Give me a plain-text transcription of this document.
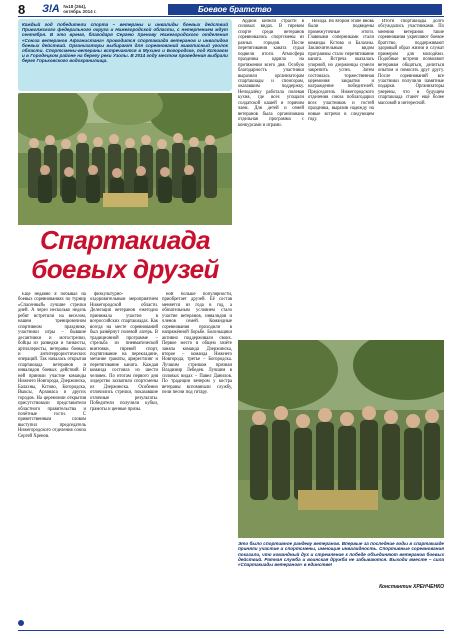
8	З!А №18 (264),
октябрь 2014 г.	Боевое братство

Каждый год победители спорта – ветераны и инвалиды боевых действий Приволжского федерального округа и Нижегородской области, с нетерпением ждут сентября. В это время, благодаря Сергею Хренову Нижегородского отделения «Союза ветеранов Афганистана» проводится спортакиада ветеранов и инвалидов боевых действий. Организаторы выбирают для соревнований живописный уголок области. Спортсмены-ветераны встречаются в Мухино и Богородске, под Кстовом и в Городецком районе на берегу реки Узолы. В 2014 году местом проведения выбрали берег Горьковского водохранилища.

Спартакиада
боевых друзей

Ещё недавно я побывал на боевых соревнованиях по турнир «Спасенный» лучшие стрелки дней. А через несколько недель ребят встретили на веселом, нашем тренировочном спортивном празднике, участники игры – бывшие десантники и мотострелки, бойцы из разведки и танкисты, артиллеристы, ветераны боевых и антитеррористических операций. Так началась открытая спартакиада ветеранов и инвалидов боевых действий. В ней приняли участие команды Нижнего Новгорода, Дзержинска, Балахны, Кстово, Богородска, Выксы, Арзамаса и других городов. На церемонии открытия присутствовали представители областного правительства и почётные гости. С приветственным словом выступил председатель Нижегородского отделения союза Сергей Хренов.

физкультурно-оздоровительным мероприятием Нижегородской области. Делегация ветеранов ежегодно принимала участие в всероссийских спартакиадах. Как всегда на месте соревнований был развёрнут полевой лагерь. В традиционной программе – стрельба из пневматической винтовки, гиревой спорт, подтягивание на перекладине, метание гранаты, армрестлинг и перетягивание каната. Каждая команда состояла из шести человек. По итогам первого дня лидерство захватили спортсмены из Дзержинска. Особенно отличились стрелки, показавшие отличные результаты. Победители получили кубки, грамоты и ценные призы.

ной больше популярности, приобретает друзей. Её состав меняется из года в год, а обязательным условием стало участие ветеранов, инвалидов и членов семей. Командные соревнования проходили в напряжённой борьбе. Болельщики активно поддерживали своих. Первое место в общем зачёте заняла команда Дзержинска, второе – команда Нижнего Новгорода, третье – Богородска. Лучшим стрелком признан Владимир Лебедев. Лучшим в силовых видах – Павел Данилов. По традиции вечером у костра ветераны вспоминали службу, пели песни под гитару.

Ардюм кипели страсти в силовых видах. В гиревом спорте среди ветеранов соревновались спортсмены из разных городов. После перетягивания каната судьи подвели итоги. Атмосфера праздника царила на протяжении всего дня. Особую благодарность участники выразили организаторам спартакиады и спонсорам, оказавшим поддержку. Неподалёку работала полевая кухня, где всех угощали солдатской кашей и горячим чаем. Для детей и семей ветеранов была организована отдельная программа с конкурсами и играми.

Нехода. Во втором этапе вновь были подведены промежуточные итоги. Главными соперниками стали команды Кстова и Балахны. Заключительным видом программы стало перетягивание каната. Встреча оказалась упорной, но дзержинцы сумели закрепить успех. Затем состоялась торжественная церемония закрытия и награждение победителей. Председатель Нижегородского отделения союза поблагодарил всех участников и гостей праздника, выразив надежду на новые встречи в следующем году.

Итоги спортакиады долго обсуждались участниками. По мнению ветеранов такие соревнования укрепляют боевое братство, поддерживают здоровый образ жизни и служат примером для молодёжи. Подобные встречи позволяют ветеранам общаться, делиться опытом и помогать друг другу. После соревнований все участники получили памятные подарки. Организаторы уверены, что в будущем спартакиада станет ещё более массовой и интересной.

Это было спортивное рандеву ветеранов. Впервые за последние годы в спартакиаде приняли участие и спортсмены, имеющие инвалидность. Спортивные соревнования показали, что командный дух и стремление к победе объединяют ветеранов боевых действий. Ратная служба и воинская дружба не забываются. Выходи вместе – сила «Спартакиады ветеранов» в единстве!
Константин ХРЕНЧЕНКО
